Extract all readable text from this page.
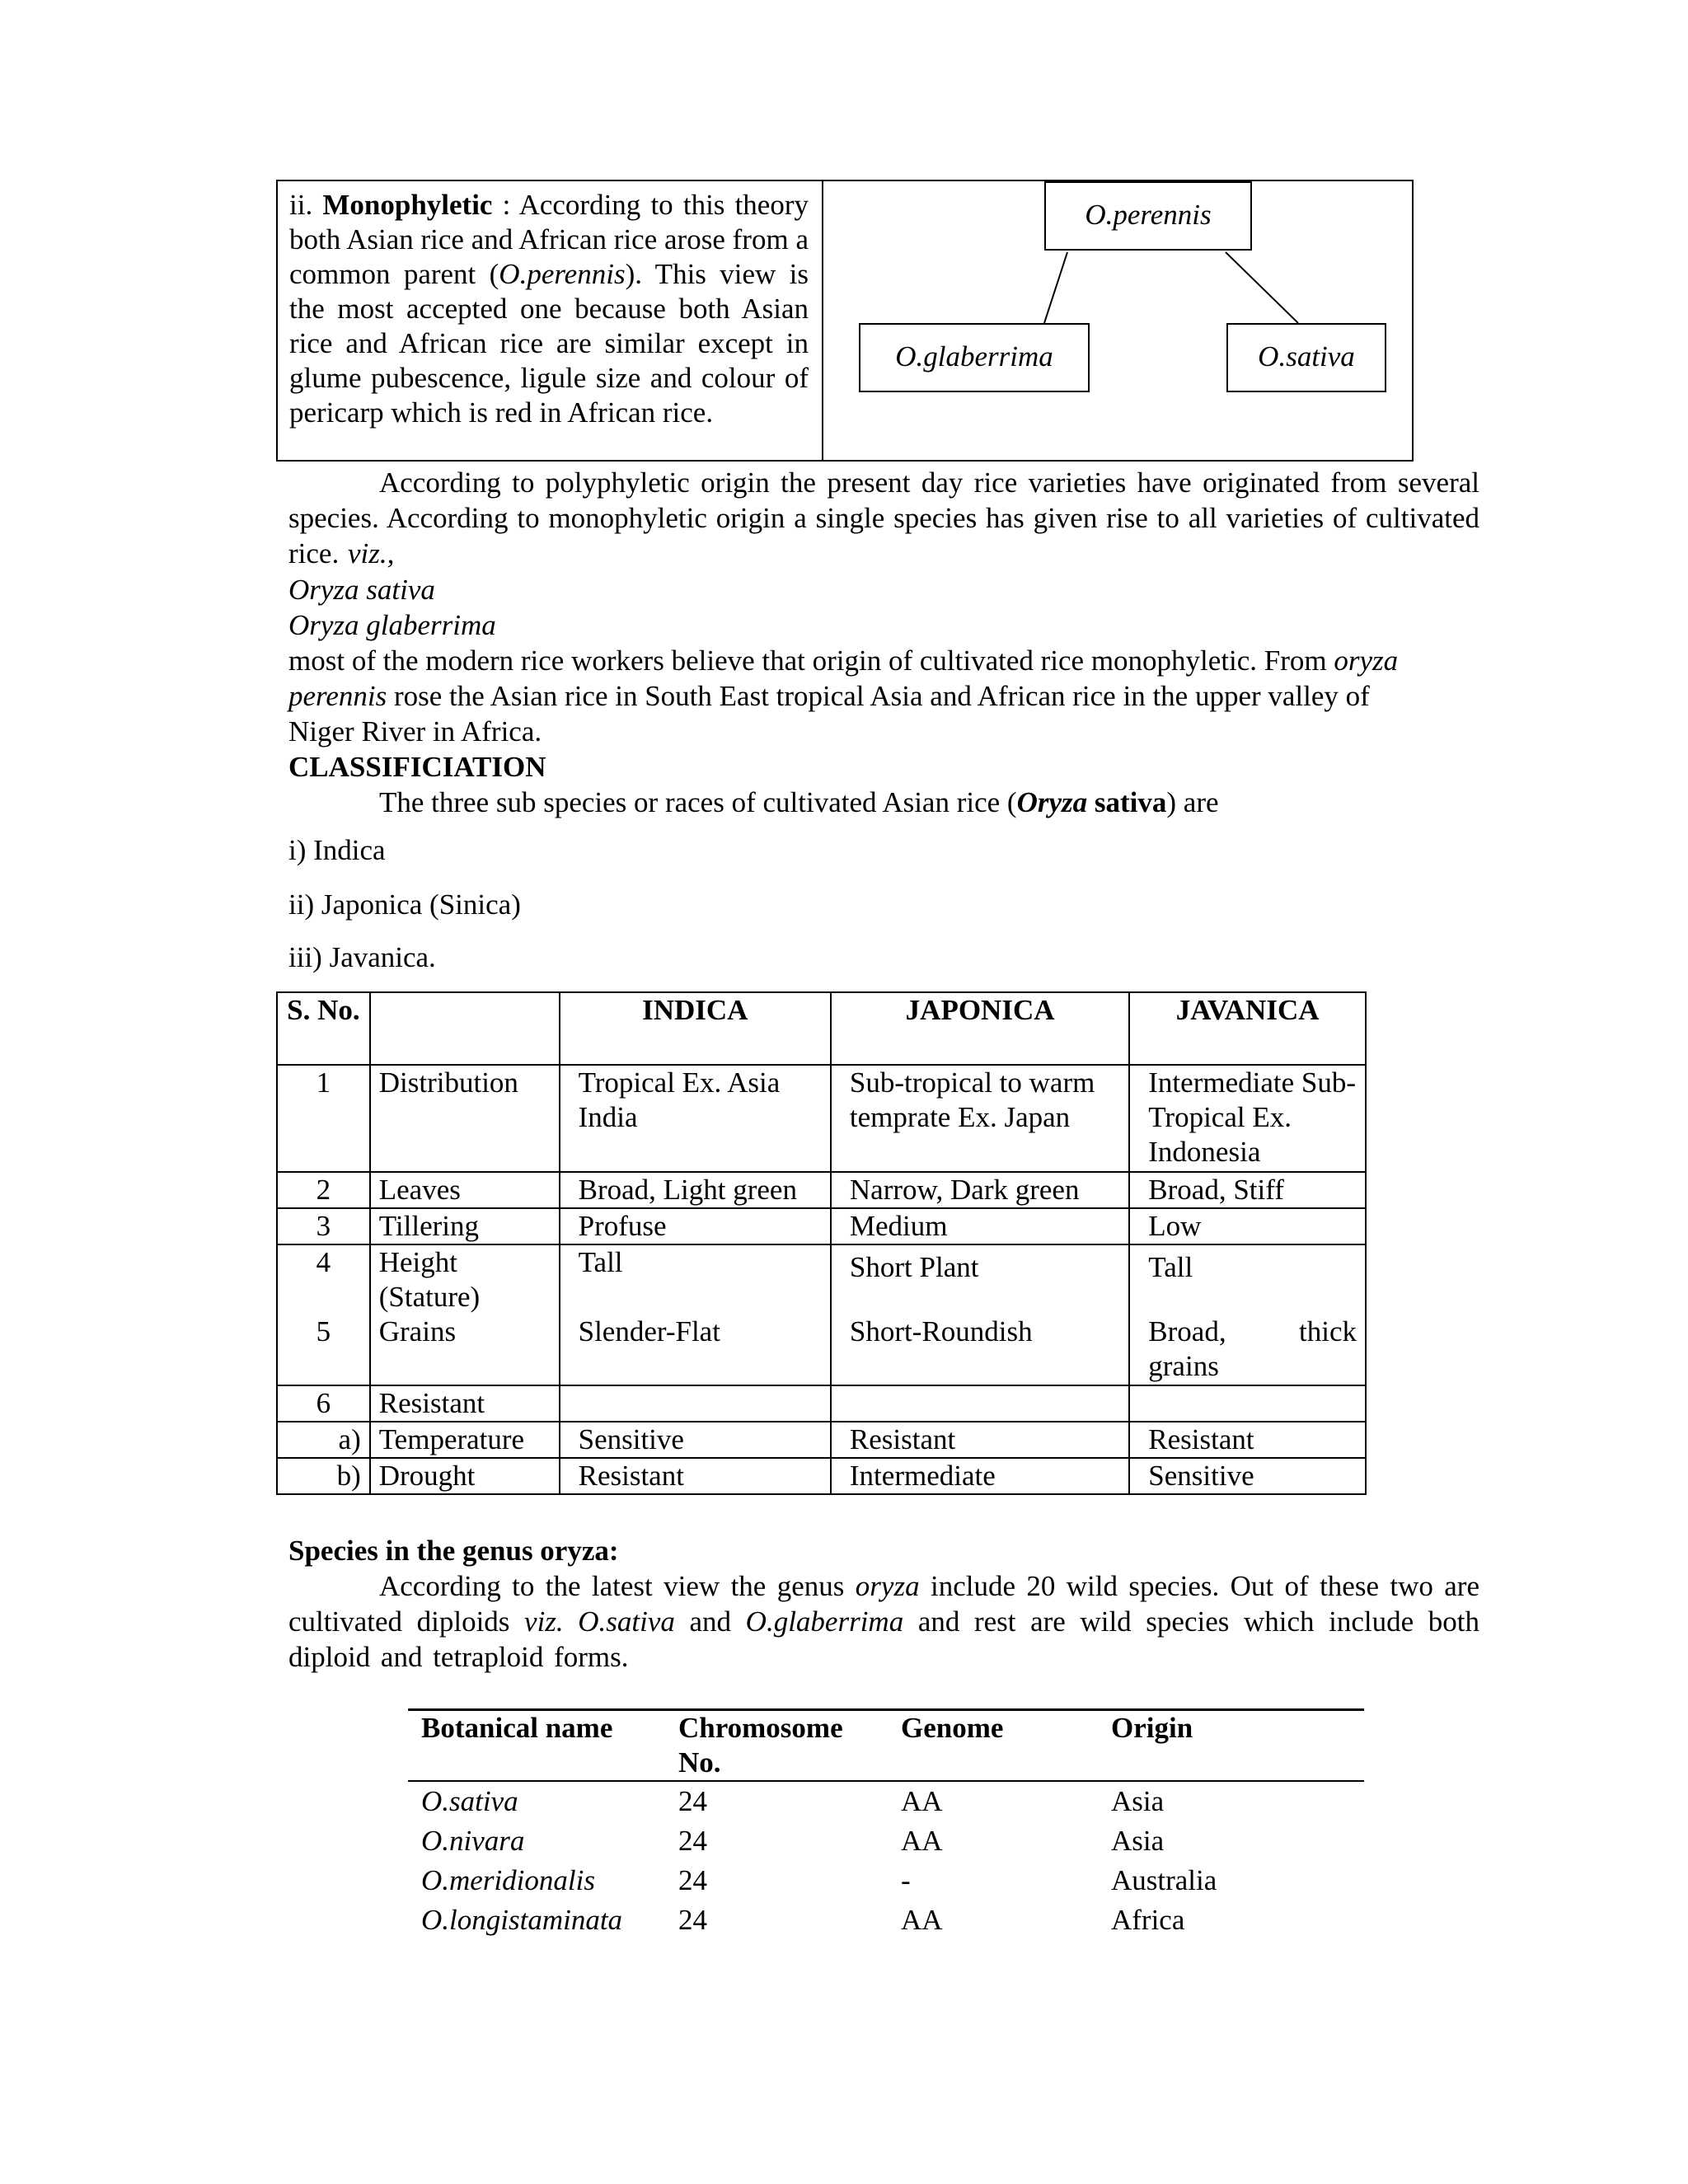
ii. Monophyletic : According to this theory both Asian rice and African rice arose from a common parent (O.perennis). This view is the most accepted one because both Asian rice and African rice are similar except in glume pubescence, ligule size and colour of pericarp which is red in African rice.
O.perennis
O.glaberrima	O.sativa
According to polyphyletic origin the present day rice varieties have originated from several species. According to monophyletic origin a single species has given rise to all varieties of cultivated rice. viz.,
Oryza sativa
Oryza glaberrima
most of the modern rice workers believe that origin of cultivated rice monophyletic. From oryza perennis rose the Asian rice in South East tropical Asia and African rice in the upper valley of Niger River in Africa.
CLASSIFICIATION
The three sub species or races of cultivated Asian rice (Oryza sativa) are
i) Indica
ii) Japonica (Sinica)
iii) Javanica.
S. No.		INDICA	JAPONICA	JAVANICA
1	Distribution	Tropical Ex. Asia India	Sub-tropical to warm temprate Ex. Japan	Intermediate Sub-Tropical Ex. Indonesia
2	Leaves	Broad, Light green	Narrow, Dark green	Broad, Stiff
3	Tillering	Profuse	Medium	Low
4	Height (Stature)	Tall	Short Plant	Tall
5	Grains	Slender-Flat	Short-Roundish	Broad, thick
grains
6	Resistant			
a)	Temperature	Sensitive	Resistant	Resistant
b)	Drought	Resistant	Intermediate	Sensitive
Species in the genus oryza:
According to the latest view the genus oryza include 20 wild species. Out of these two are cultivated diploids viz. O.sativa and O.glaberrima and rest are wild species which include both diploid and tetraploid forms.
Botanical name	Chromosome No.	Genome	Origin
O.sativa	24	AA	Asia
O.nivara	24	AA	Asia
O.meridionalis	24	-	Australia
O.longistaminata	24	AA	Africa
